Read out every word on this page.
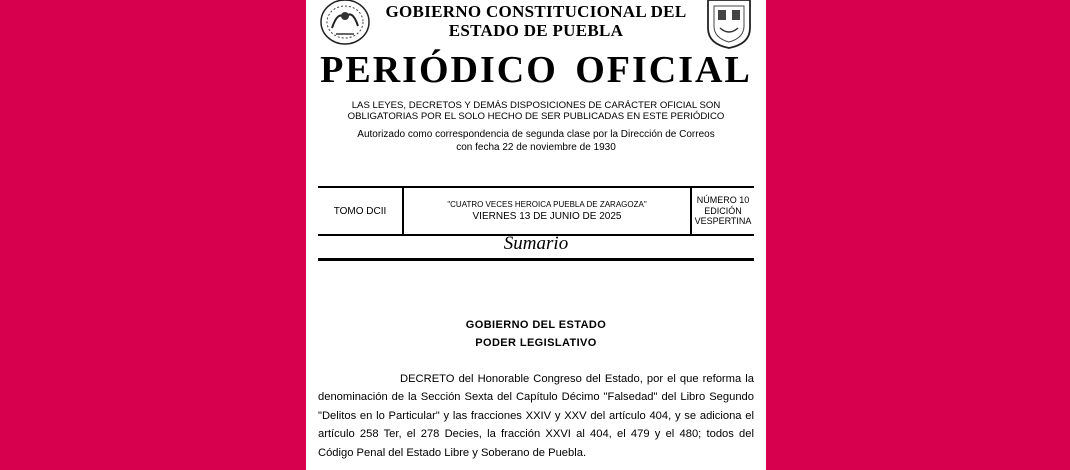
GOBIERNO CONSTITUCIONAL DEL
ESTADO DE PUEBLA
PERIÓDICO OFICIAL
LAS LEYES, DECRETOS Y DEMÁS DISPOSICIONES DE CARÁCTER OFICIAL SON
OBLIGATORIAS POR EL SOLO HECHO DE SER PUBLICADAS EN ESTE PERIÓDICO
Autorizado como correspondencia de segunda clase por la Dirección de Correos
con fecha 22 de noviembre de 1930
TOMO DCII
"CUATRO VECES HEROICA PUEBLA DE ZARAGOZA"
VIERNES 13 DE JUNIO DE 2025
NÚMERO 10
EDICIÓN
VESPERTINA
Sumario
GOBIERNO DEL ESTADO
PODER LEGISLATIVO
DECRETO del Honorable Congreso del Estado, por el que reforma la denominación de la Sección Sexta del Capítulo Décimo "Falsedad" del Libro Segundo "Delitos en lo Particular" y las fracciones XXIV y XXV del artículo 404, y se adiciona el artículo 258 Ter, el 278 Decies, la fracción XXVI al 404, el 479 y el 480; todos del Código Penal del Estado Libre y Soberano de Puebla.
